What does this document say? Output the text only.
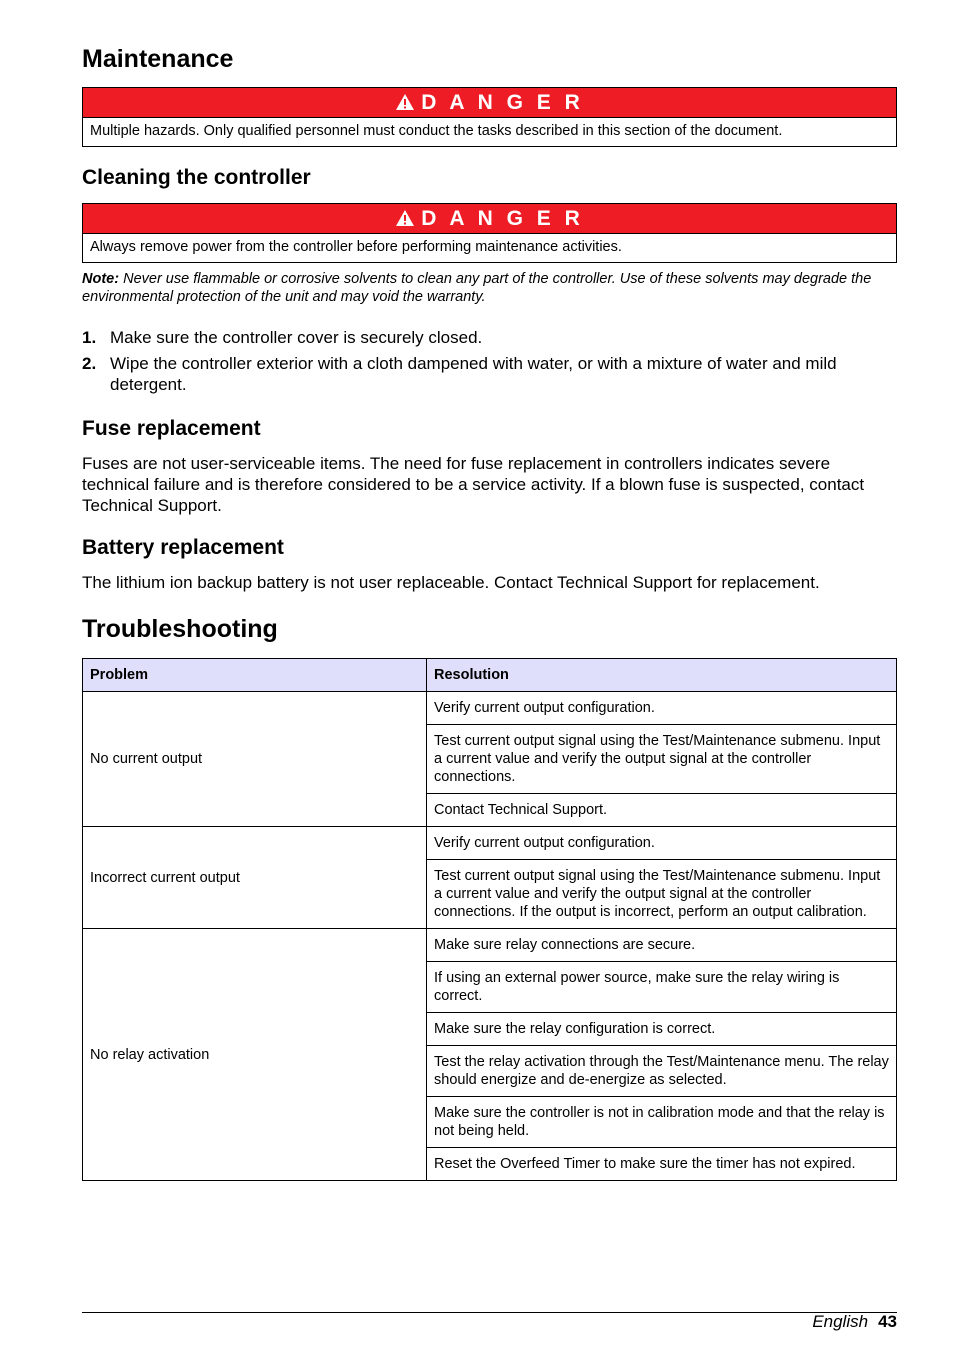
Maintenance
D A N G E R
Multiple hazards. Only qualified personnel must conduct the tasks described in this section of the document.
Cleaning the controller
D A N G E R
Always remove power from the controller before performing maintenance activities.
Note: Never use flammable or corrosive solvents to clean any part of the controller. Use of these solvents may degrade the environmental protection of the unit and may void the warranty.
1. Make sure the controller cover is securely closed.
2. Wipe the controller exterior with a cloth dampened with water, or with a mixture of water and mild detergent.
Fuse replacement

Fuses are not user-serviceable items. The need for fuse replacement in controllers indicates severe technical failure and is therefore considered to be a service activity. If a blown fuse is suspected, contact Technical Support.

Battery replacement

The lithium ion backup battery is not user replaceable. Contact Technical Support for replacement.

Troubleshooting
Problem	Resolution
No current output	Verify current output configuration.
	Test current output signal using the Test/Maintenance submenu. Input a current value and verify the output signal at the controller connections.
	Contact Technical Support.
Incorrect current output	Verify current output configuration.
	Test current output signal using the Test/Maintenance submenu. Input a current value and verify the output signal at the controller connections. If the output is incorrect, perform an output calibration.
No relay activation	Make sure relay connections are secure.
	If using an external power source, make sure the relay wiring is correct.
	Make sure the relay configuration is correct.
	Test the relay activation through the Test/Maintenance menu. The relay should energize and de-energize as selected.
	Make sure the controller is not in calibration mode and that the relay is not being held.
	Reset the Overfeed Timer to make sure the timer has not expired.
English 43
